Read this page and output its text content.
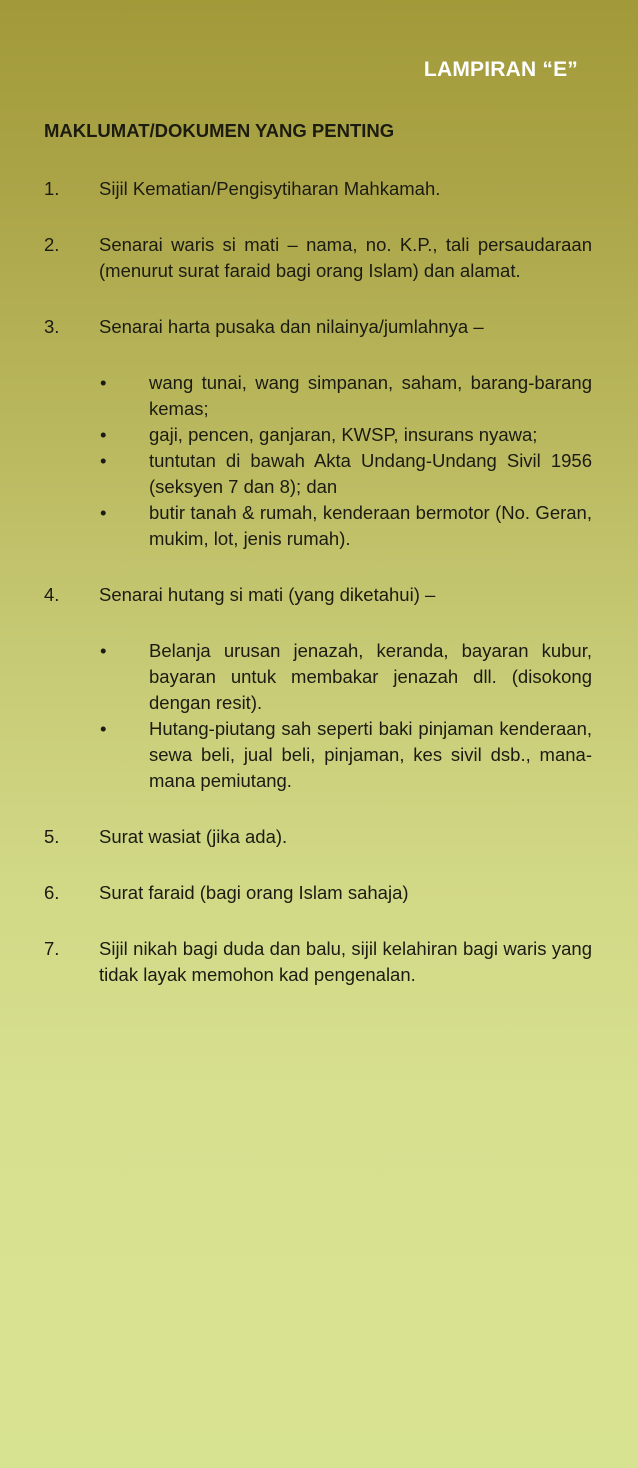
LAMPIRAN “E”
MAKLUMAT/DOKUMEN YANG PENTING
1.	Sijil Kematian/Pengisytiharan Mahkamah.
2.	Senarai waris si mati – nama, no. K.P., tali persaudaraan (menurut surat faraid bagi orang Islam) dan alamat.
3.	Senarai harta pusaka dan nilainya/jumlahnya –
•	wang tunai, wang simpanan, saham, barang-barang kemas;
•	gaji, pencen, ganjaran, KWSP, insurans nyawa;
•	tuntutan di bawah Akta Undang-Undang Sivil 1956 (seksyen 7 dan 8); dan
•	butir tanah & rumah, kenderaan bermotor (No. Geran, mukim, lot, jenis rumah).
4.	Senarai hutang si mati (yang diketahui) –
•	Belanja urusan jenazah, keranda, bayaran kubur, bayaran untuk membakar jenazah dll. (disokong dengan resit).
•	Hutang-piutang sah seperti baki pinjaman kenderaan, sewa beli, jual beli, pinjaman, kes sivil dsb., mana-mana pemiutang.
5.	Surat wasiat (jika ada).
6.	Surat faraid (bagi orang Islam sahaja)
7.	Sijil nikah bagi duda dan balu, sijil kelahiran bagi waris yang tidak layak memohon kad pengenalan.
